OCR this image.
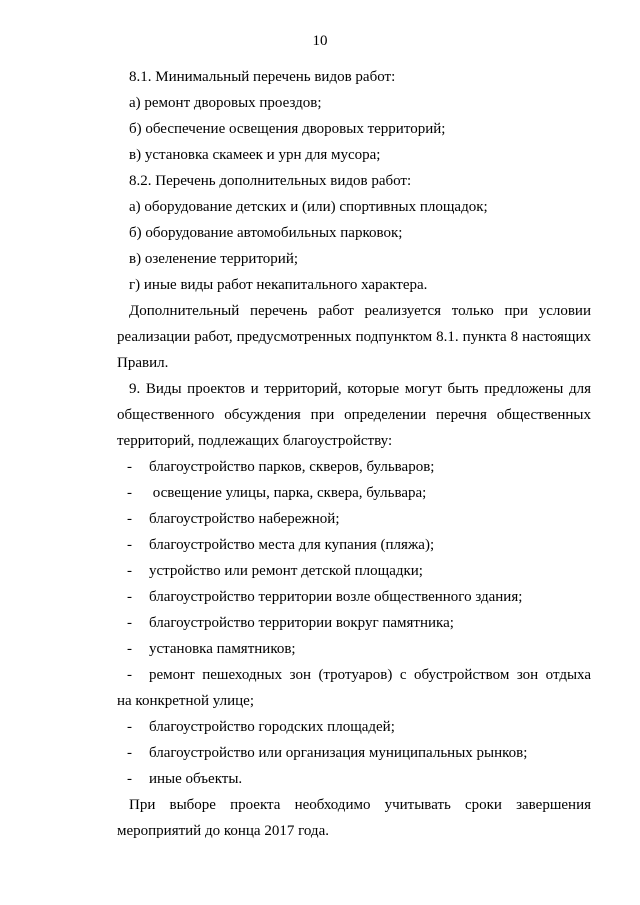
10

8.1. Минимальный перечень видов работ:

а) ремонт дворовых проездов;

б) обеспечение освещения дворовых территорий;

в) установка скамеек и урн для мусора;

8.2. Перечень дополнительных видов работ:

а) оборудование детских и (или) спортивных площадок;

б) оборудование автомобильных парковок;

в) озеленение территорий;

г) иные виды работ некапитального характера.

Дополнительный перечень работ реализуется только при условии реализации работ, предусмотренных подпунктом 8.1. пункта 8 настоящих Правил.

9. Виды проектов и территорий, которые могут быть предложены для общественного обсуждения при определении перечня общественных территорий, подлежащих благоустройству:

- благоустройство парков, скверов, бульваров;

- освещение улицы, парка, сквера, бульвара;

- благоустройство набережной;

- благоустройство места для купания (пляжа);

- устройство или ремонт детской площадки;

- благоустройство территории возле общественного здания;

- благоустройство территории вокруг памятника;

- установка памятников;

- ремонт пешеходных зон (тротуаров) с обустройством зон отдыха
на конкретной улице;

- благоустройство городских площадей;

- благоустройство или организация муниципальных рынков;

- иные объекты.

При выборе проекта необходимо учитывать сроки завершения мероприятий до конца 2017 года.
